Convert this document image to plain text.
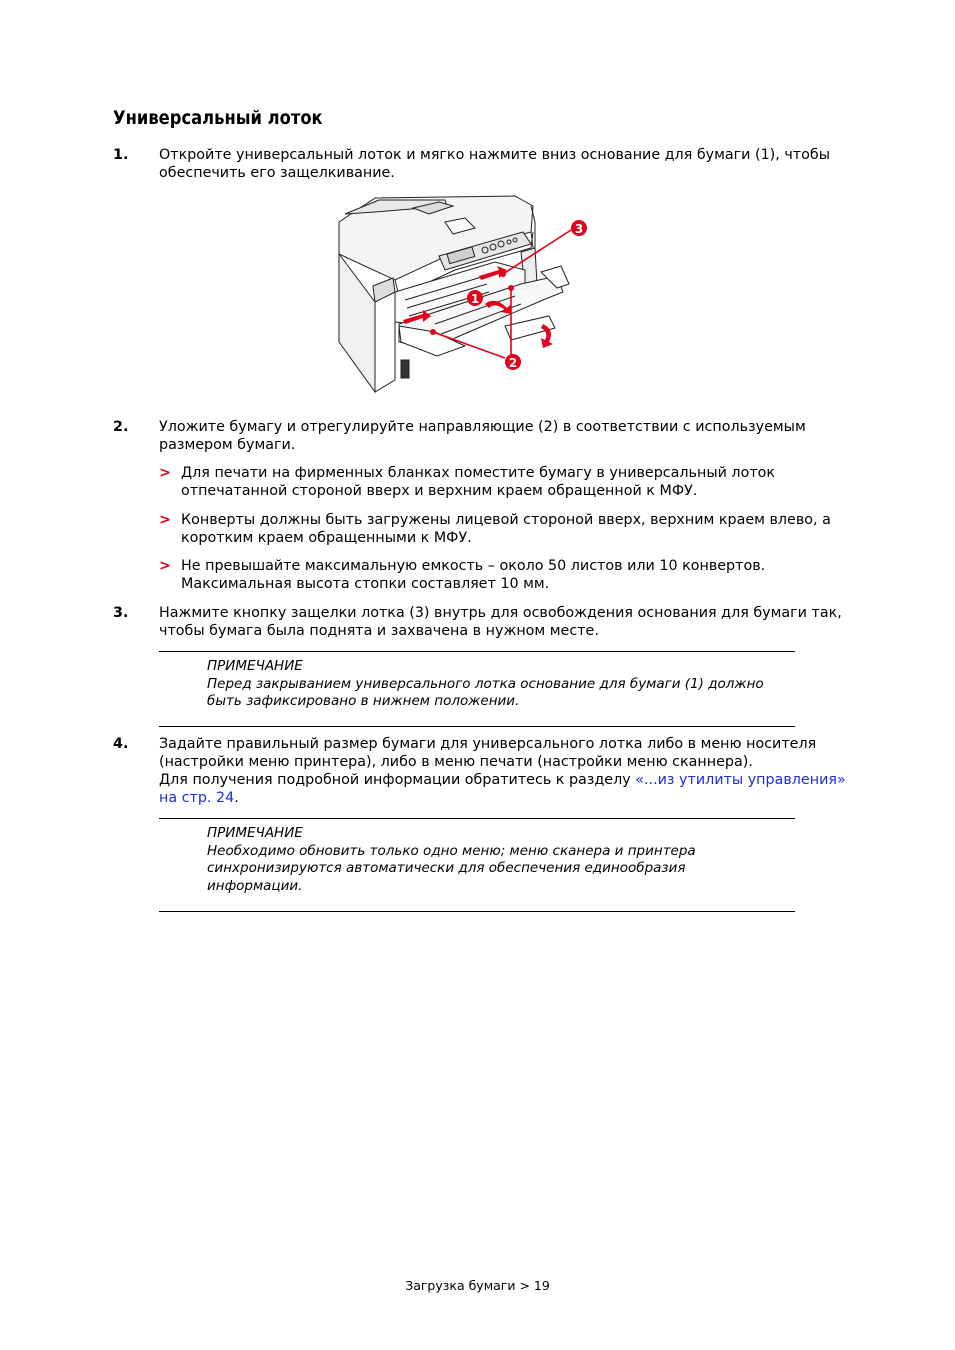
Универсальный лоток
1. Откройте универсальный лоток и мягко нажмите вниз основание для бумаги (1), чтобы обеспечить его защелкивание.
1
2
3
2. Уложите бумагу и отрегулируйте направляющие (2) в соответствии с используемым размером бумаги.
> Для печати на фирменных бланках поместите бумагу в универсальный лоток отпечатанной стороной вверх и верхним краем обращенной к МФУ.
> Конверты должны быть загружены лицевой стороной вверх, верхним краем влево, а коротким краем обращенными к МФУ.
> Не превышайте максимальную емкость – около 50 листов или 10 конвертов. Максимальная высота стопки составляет 10 мм.
3. Нажмите кнопку защелки лотка (3) внутрь для освобождения основания для бумаги так, чтобы бумага была поднята и захвачена в нужном месте.
ПРИМЕЧАНИЕ
Перед закрыванием универсального лотка основание для бумаги (1) должно быть зафиксировано в нижнем положении.
4. Задайте правильный размер бумаги для универсального лотка либо в меню носителя (настройки меню принтера), либо в меню печати (настройки меню сканнера).
Для получения подробной информации обратитесь к разделу «...из утилиты управления» на стр. 24.
ПРИМЕЧАНИЕ
Необходимо обновить только одно меню; меню сканера и принтера синхронизируются автоматически для обеспечения единообразия информации.
Загрузка бумаги > 19
